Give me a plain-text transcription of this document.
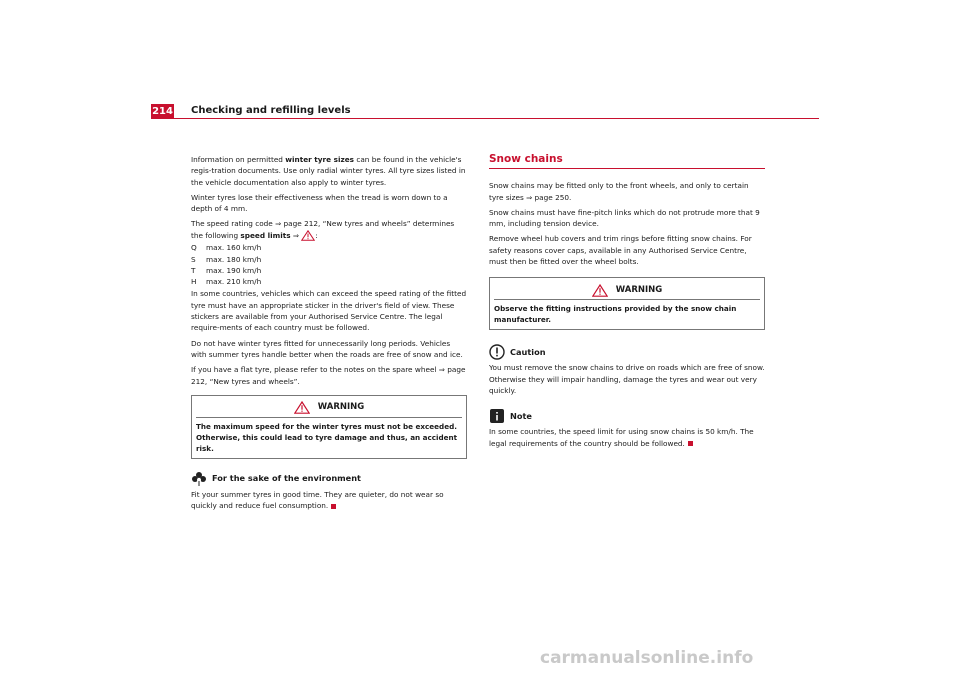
214 Checking and refilling levels

Information on permitted winter tyre sizes can be found in the vehicle's regis-tration documents. Use only radial winter tyres. All tyre sizes listed in the vehicle documentation also apply to winter tyres.

Winter tyres lose their effectiveness when the tread is worn down to a depth of 4 mm.

The speed rating code ⇒ page 212, “New tyres and wheels” determines the following speed limits ⇒ :

Q	max. 160 km/h
S	max. 180 km/h
T	max. 190 km/h
H	max. 210 km/h

In some countries, vehicles which can exceed the speed rating of the fitted tyre must have an appropriate sticker in the driver's field of view. These stickers are available from your Authorised Service Centre. The legal require-ments of each country must be followed.

Do not have winter tyres fitted for unnecessarily long periods. Vehicles with summer tyres handle better when the roads are free of snow and ice.

If you have a flat tyre, please refer to the notes on the spare wheel ⇒ page 212, “New tyres and wheels”.

WARNING
The maximum speed for the winter tyres must not be exceeded. Otherwise, this could lead to tyre damage and thus, an accident risk.
For the sake of the environment

Fit your summer tyres in good time. They are quieter, do not wear so quickly and reduce fuel consumption.

Snow chains

Snow chains may be fitted only to the front wheels, and only to certain tyre sizes ⇒ page 250.

Snow chains must have fine-pitch links which do not protrude more that 9 mm, including tension device.

Remove wheel hub covers and trim rings before fitting snow chains. For safety reasons cover caps, available in any Authorised Service Centre, must then be fitted over the wheel bolts.

WARNING
Observe the fitting instructions provided by the snow chain manufacturer.
Caution

You must remove the snow chains to drive on roads which are free of snow. Otherwise they will impair handling, damage the tyres and wear out very quickly.

Note

In some countries, the speed limit for using snow chains is 50 km/h. The legal requirements of the country should be followed.

carmanualsonline.info
